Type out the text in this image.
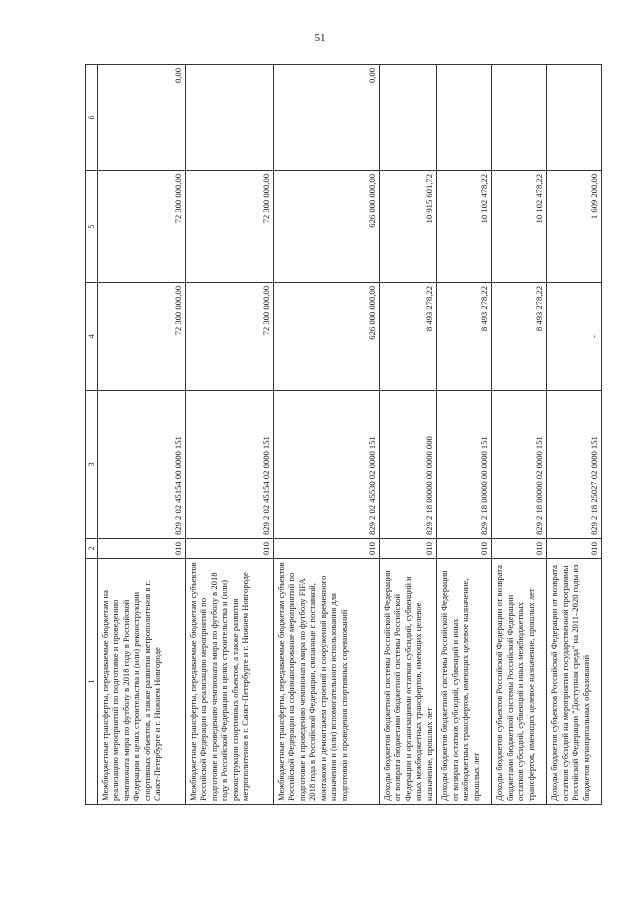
51
1	2	3	4	5	6
Межбюджетные трансферты, передаваемые бюджетам на реализацию мероприятий по подготовке и проведению чемпионата мира по футболу в 2018 году в Российской Федерации в целях строительства и (или) реконструкции спортивных объектов, а также развития метрополитенов в г. Санкт-Петербурге и г. Нижнем Новгороде	010	829 2 02 45154 00 0000 151	72 300 000,00	72 300 000,00	0,00
Межбюджетные трансферты, передаваемые бюджетам субъектов Российской Федерации на реализацию мероприятий по подготовке и проведению чемпионата мира по футболу в 2018 году в Российской Федерации в целях строительства и (или) реконструкции спортивных объектов, а также развития метрополитенов в г. Санкт-Петербурге и г. Нижнем Новгороде	010	829 2 02 45154 02 0000 151	72 300 000,00	72 300 000,00	
Межбюджетные трансферты, передаваемые бюджетам субъектов Российской Федерации на софинансирование мероприятий по подготовке к проведению чемпионата мира по футболу FIFA 2018 года в Российской Федерации, связанные с поставкой, монтажом и демонтажем строений и сооружений временного назначения и (или) вспомогательного использования для подготовки и проведения спортивных соревнований	010	829 2 02 45530 02 0000 151	626 000 000,00	626 000 000,00	0,00
Доходы бюджетов бюджетной системы Российской Федерации от возврата бюджетами бюджетной системы Российской Федерации и организациями остатков субсидий, субвенций и иных межбюджетных трансфертов, имеющих целевое назначение, прошлых лет	010	829 2 18 00000 00 0000 000	8 493 278,22	10 915 601,72	
Доходы бюджетов бюджетной системы Российской Федерации от возврата остатков субсидий, субвенций и иных межбюджетных трансфертов, имеющих целевое назначение, прошлых лет	010	829 2 18 00000 00 0000 151	8 493 278,22	10 102 478,22	
Доходы бюджетов субъектов Российской Федерации от возврата бюджетами бюджетной системы Российской Федерации остатков субсидий, субвенций и иных межбюджетных трансфертов, имеющих целевое назначение, прошлых лет	010	829 2 18 00000 02 0000 151	8 493 278,22	10 102 478,22	
Доходы бюджетов субъектов Российской Федерации от возврата остатков субсидий на мероприятия государственной программы Российской Федерации "Доступная среда" на 2011–2020 годы из бюджетов муниципальных образований	010	829 2 18 25027 02 0000 151	-	1 609 200,00	
